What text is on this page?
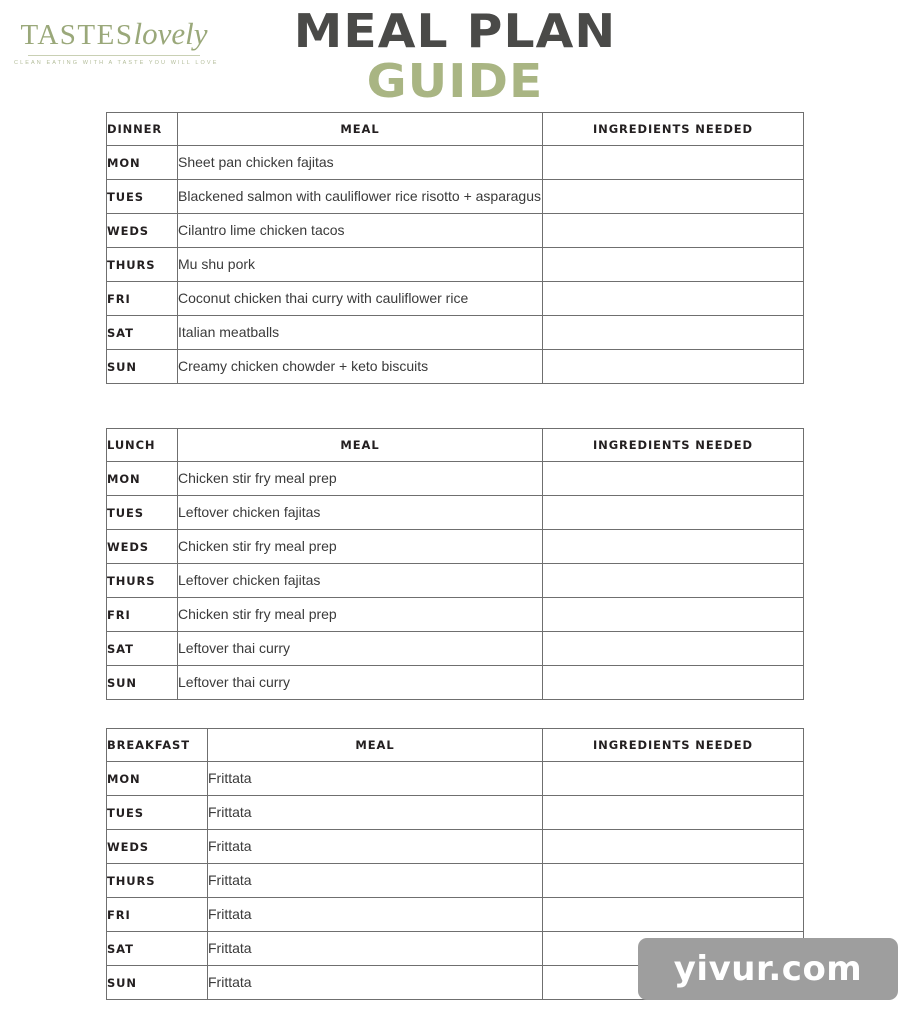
TASTESlovely
CLEAN EATING WITH A TASTE YOU WILL LOVE
MEAL PLAN
GUIDE
DINNER	MEAL	INGREDIENTS NEEDED
MON	Sheet pan chicken fajitas	
TUES	Blackened salmon with cauliflower rice risotto + asparagus	
WEDS	Cilantro lime chicken tacos	
THURS	Mu shu pork	
FRI	Coconut chicken thai curry with cauliflower rice	
SAT	Italian meatballs	
SUN	Creamy chicken chowder + keto biscuits	
LUNCH	MEAL	INGREDIENTS NEEDED
MON	Chicken stir fry meal prep	
TUES	Leftover chicken fajitas	
WEDS	Chicken stir fry meal prep	
THURS	Leftover chicken fajitas	
FRI	Chicken stir fry meal prep	
SAT	Leftover thai curry	
SUN	Leftover thai curry	
BREAKFAST	MEAL	INGREDIENTS NEEDED
MON	Frittata	
TUES	Frittata	
WEDS	Frittata	
THURS	Frittata	
FRI	Frittata	
SAT	Frittata	
SUN	Frittata		yivur.com
